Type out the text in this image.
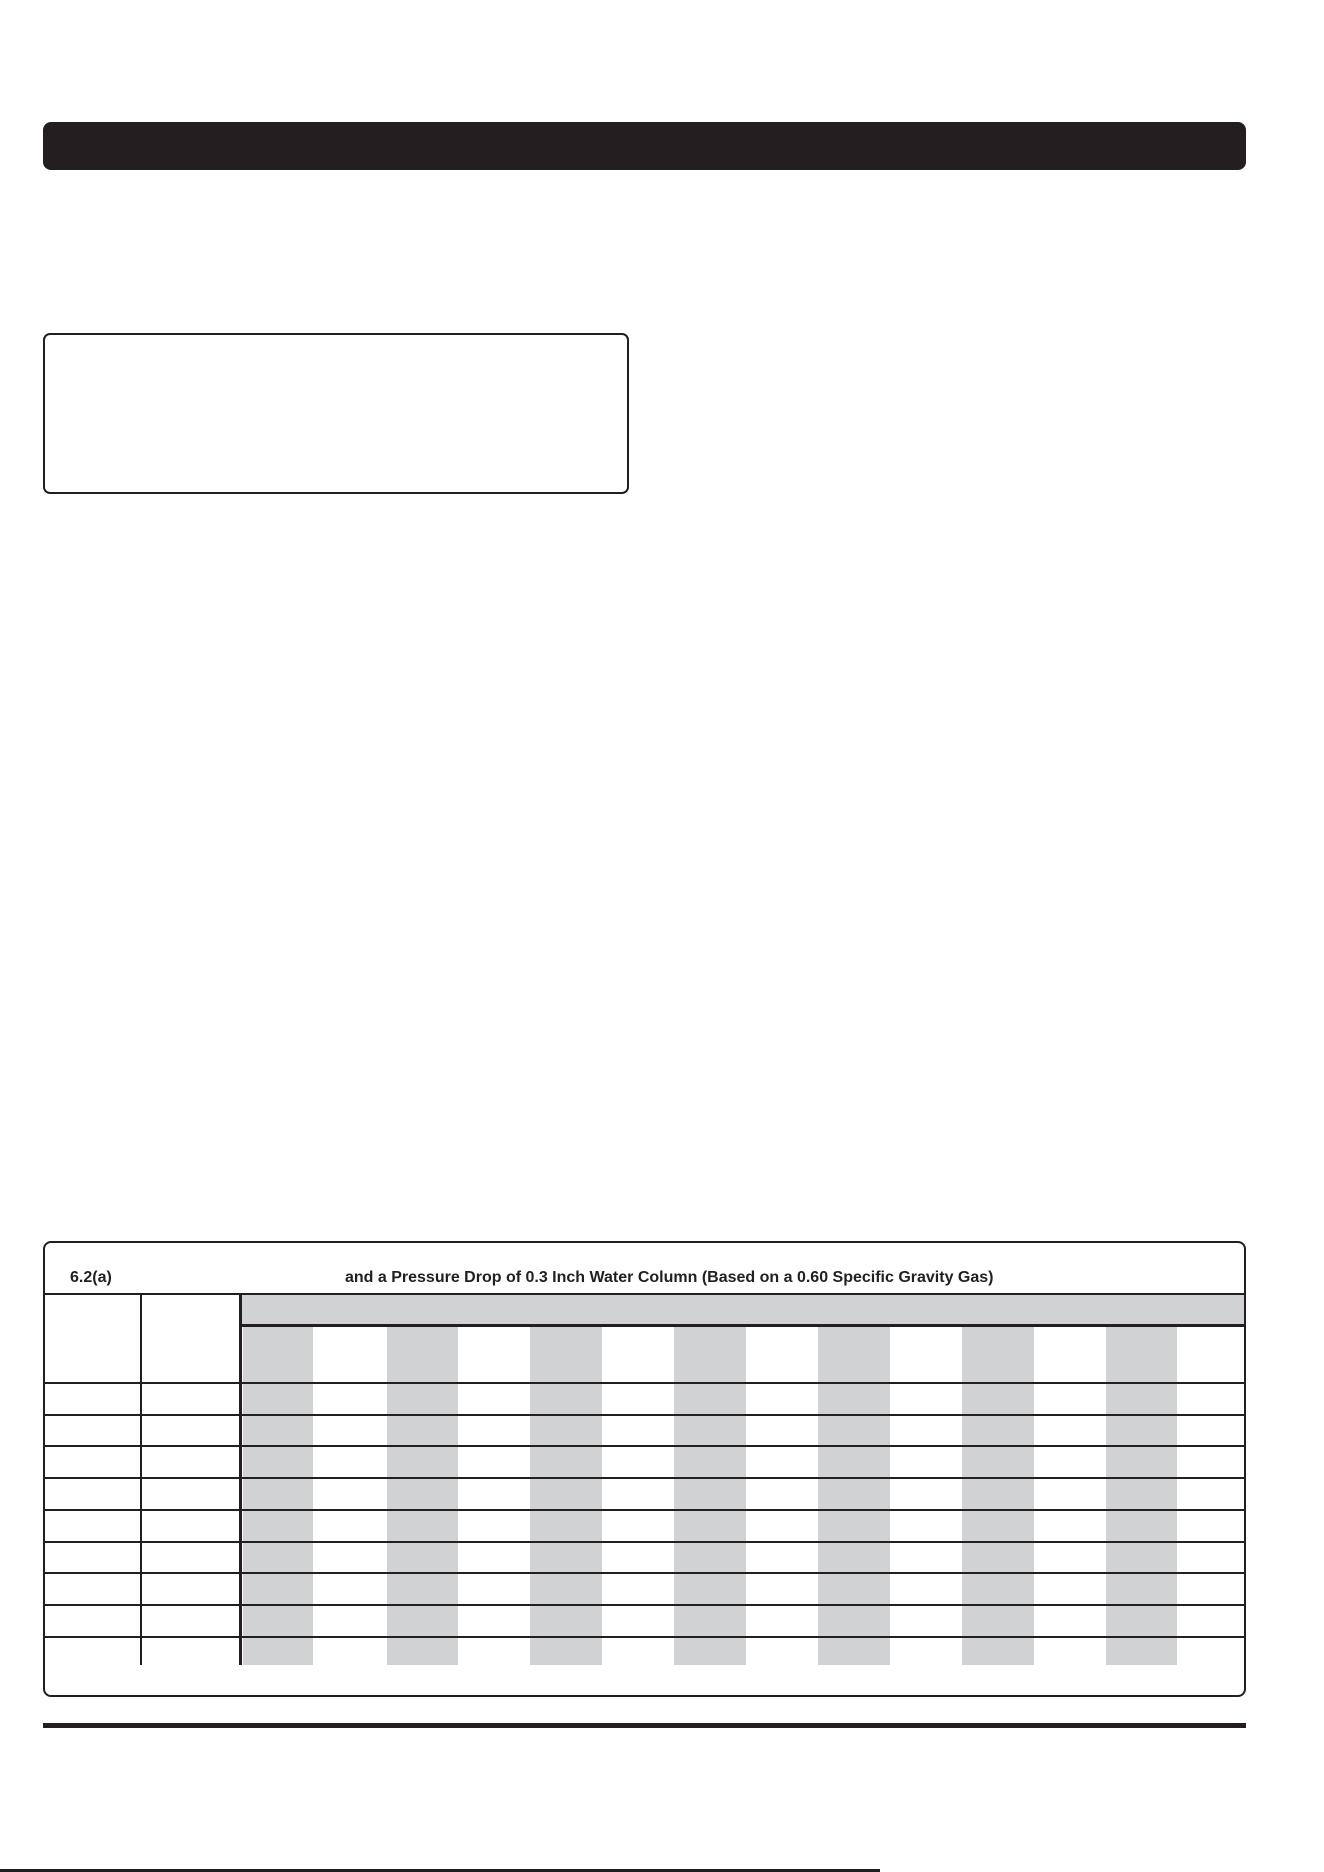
6.2(a)	and a Pressure Drop of 0.3 Inch Water Column (Based on a 0.60 Specific Gravity Gas)
